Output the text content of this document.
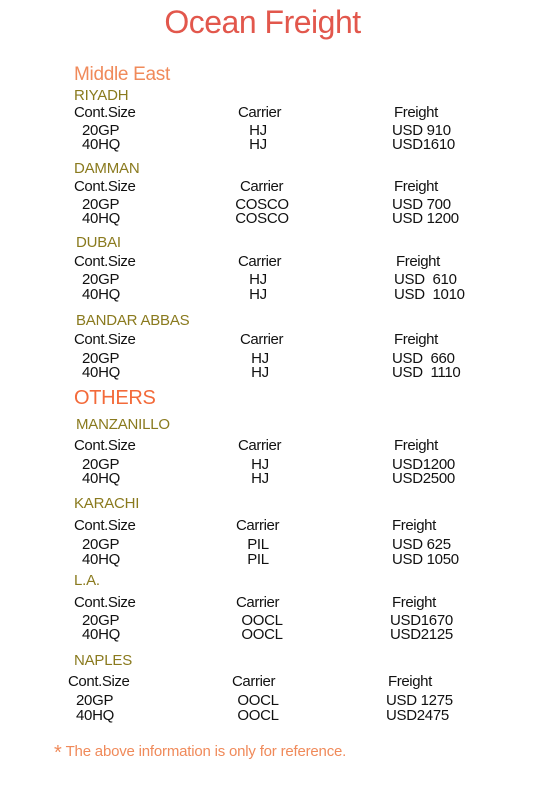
Ocean Freight
Middle East
RIYADH
Cont.Size	Carrier	Freight
20GP	HJ	USD 910
40HQ	HJ	USD1610
DAMMAN
Cont.Size	Carrier	Freight
20GP	COSCO	USD 700
40HQ	COSCO	USD 1200
DUBAI
Cont.Size	Carrier	Freight
20GP	HJ	USD  610
40HQ	HJ	USD  1010
BANDAR ABBAS
Cont.Size	Carrier	Freight
20GP	HJ	USD  660
40HQ	HJ	USD  1110
OTHERS
MANZANILLO
Cont.Size	Carrier	Freight
20GP	HJ	USD1200
40HQ	HJ	USD2500
KARACHI
Cont.Size	Carrier	Freight
20GP	PIL	USD 625
40HQ	PIL	USD 1050
L.A.
Cont.Size	Carrier	Freight
20GP	OOCL	USD1670
40HQ	OOCL	USD2125
NAPLES
Cont.Size	Carrier	Freight
20GP	OOCL	USD 1275
40HQ	OOCL	USD2475
* The above information is only for reference.
